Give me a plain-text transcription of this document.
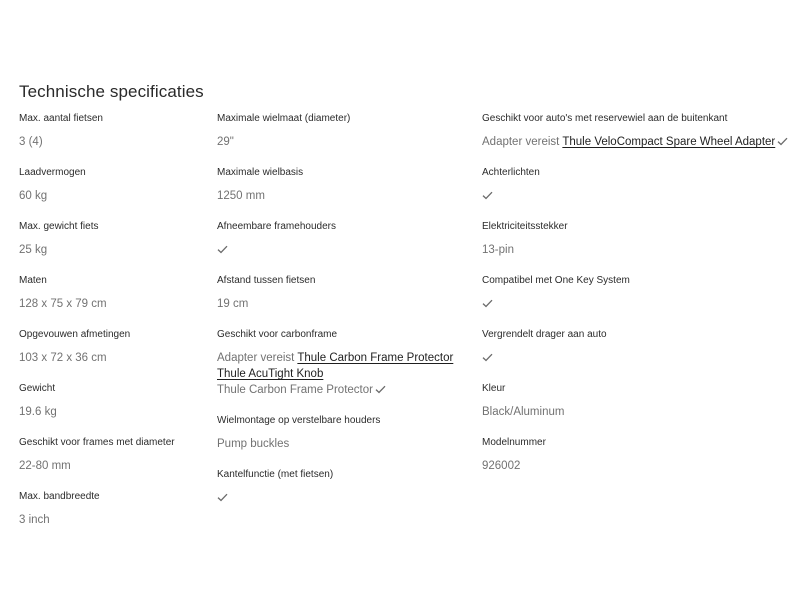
Technische specificaties
Max. aantal fietsen
3 (4)
Laadvermogen
60 kg
Max. gewicht fiets
25 kg
Maten
128 x 75 x 79 cm
Opgevouwen afmetingen
103 x 72 x 36 cm
Gewicht
19.6 kg
Geschikt voor frames met diameter
22-80 mm
Max. bandbreedte
3 inch
Maximale wielmaat (diameter)
29"
Maximale wielbasis
1250 mm
Afneembare framehouders
Afstand tussen fietsen
19 cm
Geschikt voor carbonframe
Adapter vereist Thule Carbon Frame Protector
Thule AcuTight Knob
Thule Carbon Frame Protector
Wielmontage op verstelbare houders
Pump buckles
Kantelfunctie (met fietsen)
Geschikt voor auto's met reservewiel aan de buitenkant
Adapter vereist Thule VeloCompact Spare Wheel Adapter
Achterlichten
Elektriciteitsstekker
13-pin
Compatibel met One Key System
Vergrendelt drager aan auto
Kleur
Black/Aluminum
Modelnummer
926002
